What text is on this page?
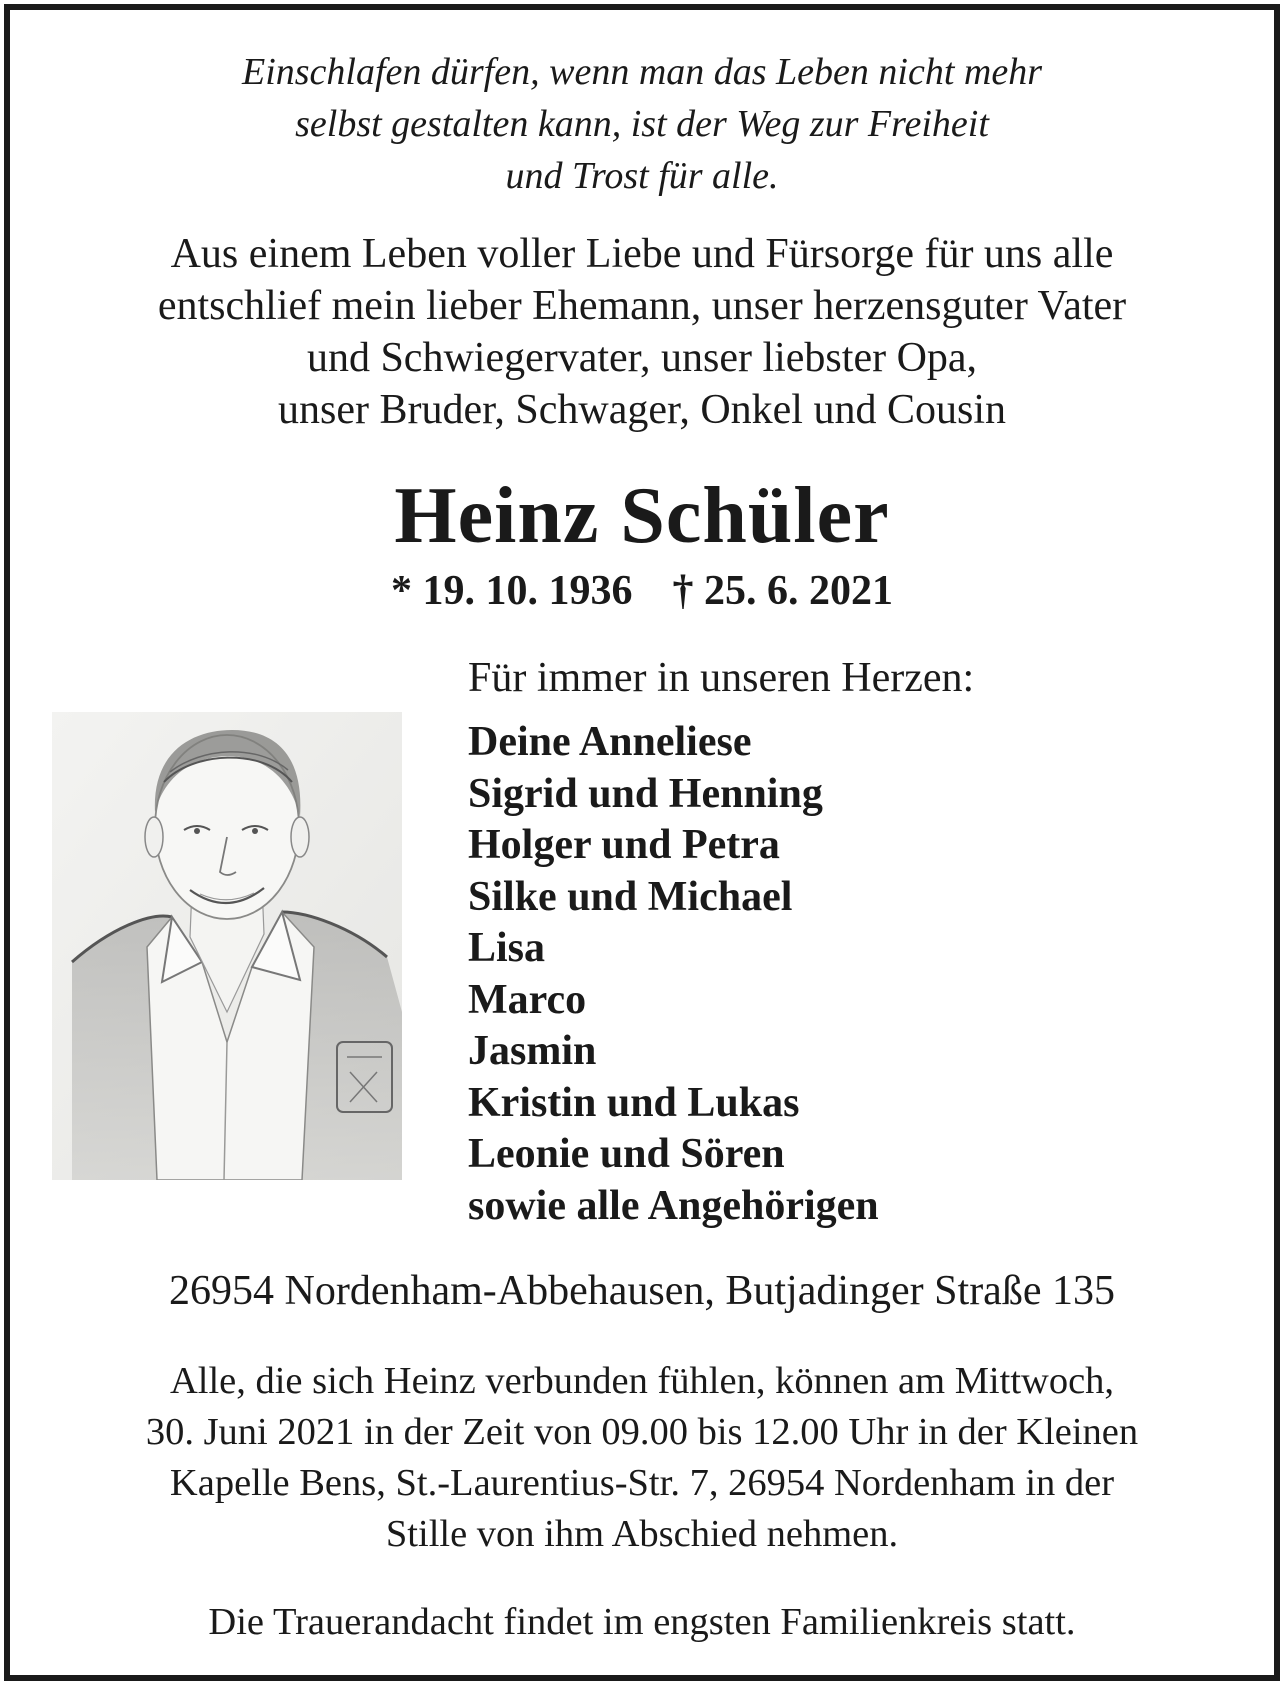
Einschlafen dürfen, wenn man das Leben nicht mehr
selbst gestalten kann, ist der Weg zur Freiheit
und Trost für alle.
Aus einem Leben voller Liebe und Fürsorge für uns alle
entschlief mein lieber Ehemann, unser herzensguter Vater
und Schwiegervater, unser liebster Opa,
unser Bruder, Schwager, Onkel und Cousin
Heinz Schüler
* 19. 10. 1936 † 25. 6. 2021
Für immer in unseren Herzen:
Deine Anneliese
Sigrid und Henning
Holger und Petra
Silke und Michael
Lisa
Marco
Jasmin
Kristin und Lukas
Leonie und Sören
sowie alle Angehörigen
26954 Nordenham-Abbehausen, Butjadinger Straße 135
Alle, die sich Heinz verbunden fühlen, können am Mittwoch,
30. Juni 2021 in der Zeit von 09.00 bis 12.00 Uhr in der Kleinen
Kapelle Bens, St.-Laurentius-Str. 7, 26954 Nordenham in der
Stille von ihm Abschied nehmen.
Die Trauerandacht findet im engsten Familienkreis statt.
